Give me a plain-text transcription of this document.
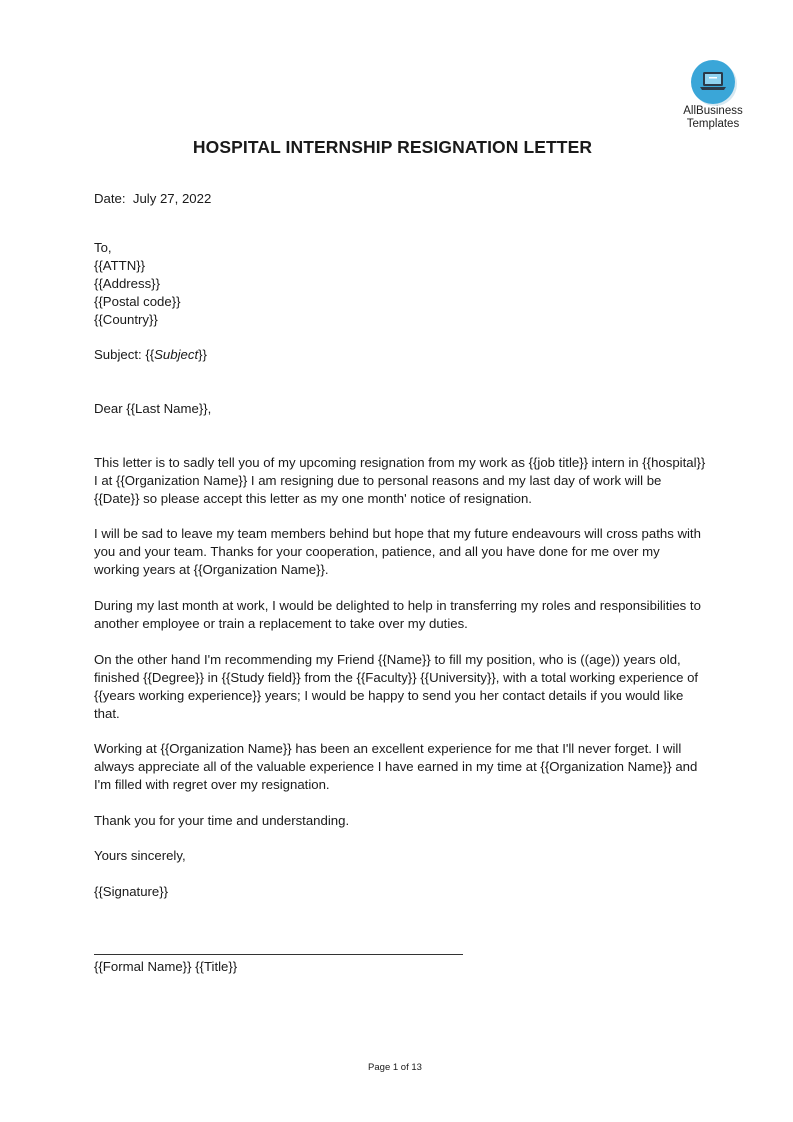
AllBusiness
Templates
HOSPITAL INTERNSHIP RESIGNATION LETTER

Date: July 27, 2022

To,

{{ATTN}}

{{Address}}

{{Postal code}}

{{Country}}

Subject: {{Subject}}

Dear {{Last Name}},

This letter is to sadly tell you of my upcoming resignation from my work as {{job title}} intern in {{hospital}} I at {{Organization Name}} I am resigning due to personal reasons and my last day of work will be {{Date}} so please accept this letter as my one month' notice of resignation.

I will be sad to leave my team members behind but hope that my future endeavours will cross paths with you and your team. Thanks for your cooperation, patience, and all you have done for me over my working years at {{Organization Name}}.

During my last month at work, I would be delighted to help in transferring my roles and responsibilities to another employee or train a replacement to take over my duties.

On the other hand I'm recommending my Friend {{Name}} to fill my position, who is ((age)) years old, finished {{Degree}} in {{Study field}} from the {{Faculty}} {{University}}, with a total working experience of {{years working experience}} years; I would be happy to send you her contact details if you would like that.

Working at {{Organization Name}} has been an excellent experience for me that I'll never forget. I will always appreciate all of the valuable experience I have earned in my time at {{Organization Name}} and I'm filled with regret over my resignation.

Thank you for your time and understanding.

Yours sincerely,

{{Signature}}

{{Formal Name}} {{Title}}

Page 1 of 13
